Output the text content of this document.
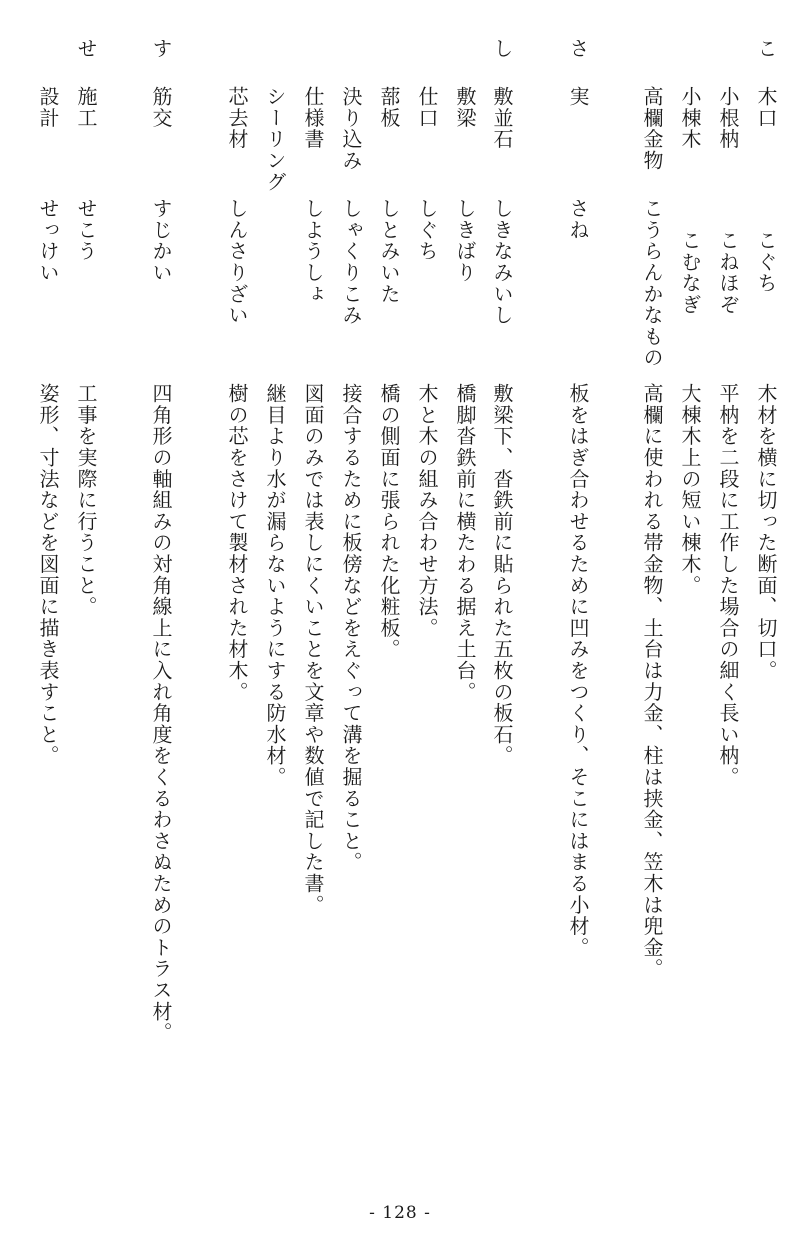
こ
木口
こぐち
木材を横に切った断面、切口。
小根枘
こねほぞ
平枘を二段に工作した場合の細く長い枘。
小棟木
こむなぎ
大棟木上の短い棟木。
高欄金物
こうらんかなもの
高欄に使われる帯金物、土台は力金、柱は挟金、笠木は兜金。
さ
実
さね
板をはぎ合わせるために凹みをつくり、そこにはまる小材。
し
敷並石
しきなみいし
敷梁下、沓鉄前に貼られた五枚の板石。
敷梁
しきばり
橋脚沓鉄前に横たわる据え土台。
仕口
しぐち
木と木の組み合わせ方法。
蔀板
しとみいた
橋の側面に張られた化粧板。
決り込み
しゃくりこみ
接合するために板傍などをえぐって溝を掘ること。
仕様書
しようしょ
図面のみでは表しにくいことを文章や数値で記した書。
シーリング
継目より水が漏らないようにする防水材。
芯去材
しんさりざい
樹の芯をさけて製材された材木。
す
筋交
すじかい
四角形の軸組みの対角線上に入れ角度をくるわさぬためのトラス材。
せ
施工
せこう
工事を実際に行うこと。
設計
せっけい
姿形、寸法などを図面に描き表すこと。
- 128 -
